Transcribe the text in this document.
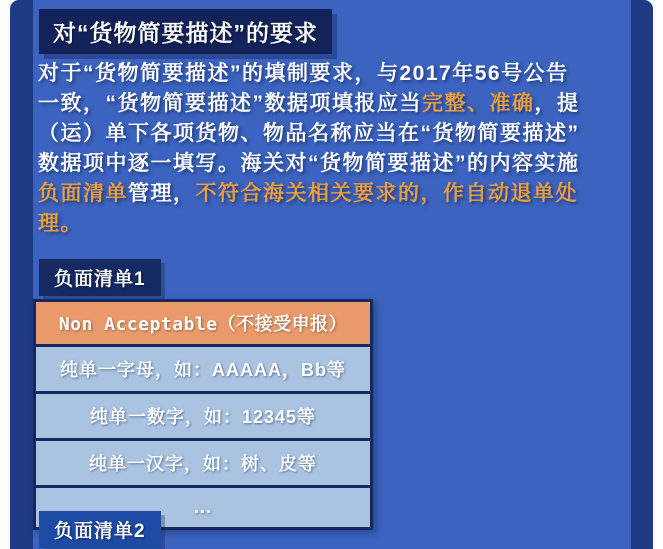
对“货物简要描述”的要求
对于“货物简要描述”的填制要求，与2017年56号公告
一致，“货物简要描述”数据项填报应当完整、准确，提
（运）单下各项货物、物品名称应当在“货物简要描述”
数据项中逐一填写。海关对“货物简要描述”的内容实施
负面清单管理，不符合海关相关要求的，作自动退单处
理。
负面清单1
Non Acceptable（不接受申报）
纯单一字母，如：AAAAA，Bb等
纯单一数字，如：12345等
纯单一汉字，如：树、皮等
...
负面清单2
